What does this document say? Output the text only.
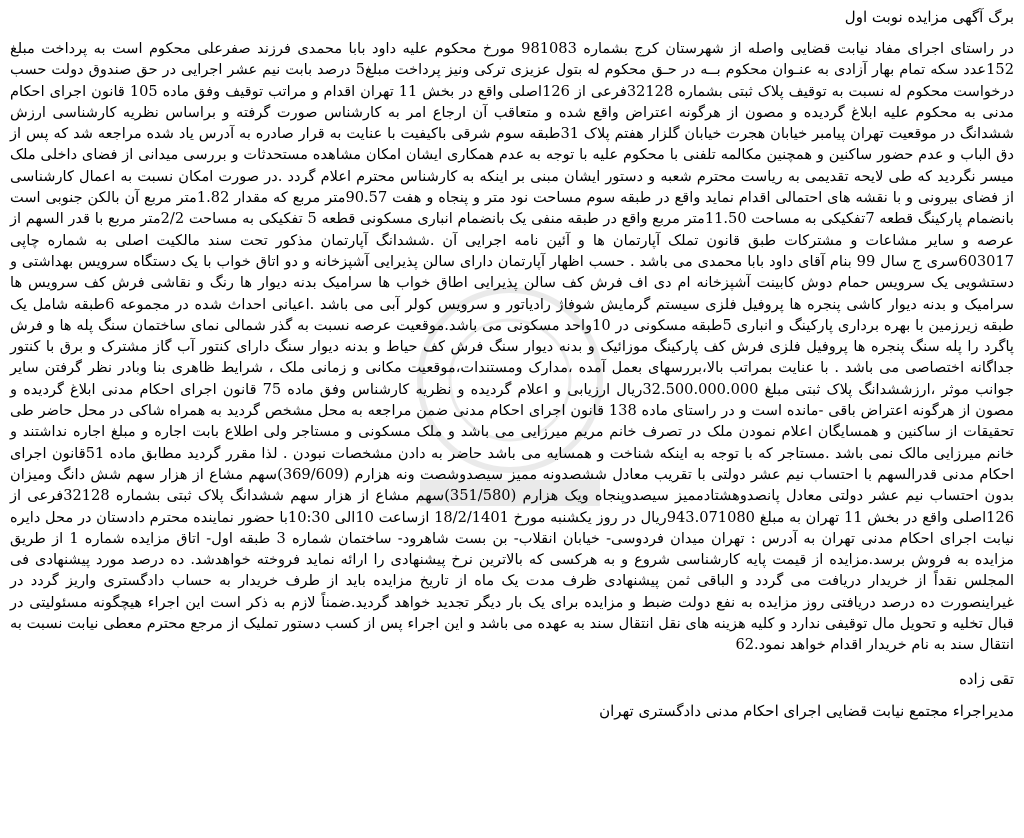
برگ آگهی مزایده نوبت اول

در راستای اجرای مفاد نیابت قضایی واصله از شهرستان کرج بشماره 981083 مورخ محکوم علیه داود بابا محمدی فرزند صفرعلی محکوم است به پرداخت مبلغ 152عدد سکه تمام بهار آزادی به عنـوان محکوم بــه در حـق محکوم له بتول عزیزی ترکی ونیز پرداخت مبلغ5 درصد بابت نیم عشر اجرایی در حق صندوق دولت حسب درخواست محکوم له نسبت به توقیف پلاک ثبتی بشماره 32128فرعی از 126اصلی واقع در بخش 11 تهران اقدام و مراتب توقیف وفق ماده 105 قانون اجرای احکام مدنی به محکوم علیه ابلاغ گردیده و مصون از هرگونه اعتراض واقع شده و متعاقب آن ارجاع امر به کارشناس صورت گرفته و براساس نظریه کارشناسی ارزش ششدانگ در موقعیت تهران پیامبر خیابان هجرت خیابان گلزار هفتم پلاک 31طبقه سوم شرقی باکیفیت با عنایت به قرار صادره به آدرس یاد شده مراجعه شد که پس از دق الباب و عدم حضور ساکنین و همچنین مکالمه تلفنی با محکوم علیه با توجه به عدم همکاری ایشان امکان مشاهده مستحدثات و بررسی میدانی از فضای داخلی ملک میسر نگردید که طی لایحه تقدیمی به ریاست محترم شعبه و دستور ایشان مبنی بر اینکه به کارشناس محترم اعلام گردد .در صورت امکان نسبت به اعمال کارشناسی از فضای بیرونی و با نقشه های احتمالی اقدام نماید واقع در طبقه سوم مساحت نود متر و پنجاه و هفت 90.57متر مربع که مقدار 1.82متر مربع آن بالکن جنوبی است بانضمام پارکینگ قطعه 7تفکیکی به مساحت 11.50متر مربع واقع در طبقه منفی یک بانضمام انباری مسکونی قطعه 5 تفکیکی به مساحت 2/2متر مربع با قدر السهم از عرصه و سایر مشاعات و مشترکات طبق قانون تملک آپارتمان ها و آئین نامه اجرایی آن .ششدانگ آپارتمان مذکور تحت سند مالکیت اصلی به شماره چاپی 603017سری ج سال 99 بنام آقای داود بابا محمدی می باشد . حسب اظهار آپارتمان دارای سالن پذیرایی آشپزخانه و دو اتاق خواب با یک دستگاه سرویس بهداشتی و دستشویی یک سرویس حمام دوش کابینت آشپزخانه ام دی اف فرش کف سالن پذیرایی اطاق خواب ها سرامیک بدنه دیوار ها رنگ و نقاشی فرش کف سرویس ها سرامیک و بدنه دیوار کاشی پنجره ها پروفیل فلزی سیستم گرمایش شوفاژ رادیاتور و سرویس کولر آبی می باشد .اعیانی احداث شده در مجموعه 6طبقه شامل یک طبقه زیرزمین با بهره برداری پارکینگ و انباری 5طبقه مسکونی در 10واحد مسکونی می باشد.موقعیت عرصه نسبت به گذر شمالی نمای ساختمان سنگ پله ها و فرش پاگرد را پله سنگ پنجره ها پروفیل فلزی فرش کف پارکینگ موزائیک و بدنه دیوار سنگ فرش کف حیاط و بدنه دیوار سنگ دارای کنتور آب گاز مشترک و برق با کنتور جداگانه اختصاصی می باشد . با عنایت بمراتب بالا،بررسهای بعمل آمده ،مدارک ومستندات،موقعیت مکانی و زمانی ملک ، شرایط ظاهری بنا وبادر نظر گرفتن سایر جوانب موثر ،ارزششدانگ پلاک ثبتی مبلغ 32.500.000.000ریال ارزیابی و اعلام گردیده و نظریه کارشناس وفق ماده 75 قانون اجرای احکام مدنی ابلاغ گردیده و مصون از هرگونه اعتراض باقی -مانده است و در راستای ماده 138 قانون اجرای احکام مدنی ضمن مراجعه به محل مشخص گردید به همراه شاکی در محل حاضر طی تحقیقات از ساکنین و همسایگان اعلام نمودن ملک در تصرف خانم مریم میرزایی می باشد و ملک مسکونی و مستاجر ولی اطلاع بابت اجاره و مبلغ اجاره نداشتند و خانم میرزایی مالک نمی باشد .مستاجر که با توجه به اینکه شناخت و همسایه می باشد حاضر به دادن مشخصات نبودن . لذا مقرر گردید مطابق ماده 51قانون اجرای احکام مدنی قدرالسهم با احتساب نیم عشر دولتی با تقریب معادل ششصدونه ممیز سیصدوشصت ونه هزارم (369/609)سهم مشاع از هزار سهم شش دانگ ومیزان بدون احتساب نیم عشر دولتی معادل پانصدوهشتادممیز سیصدوپنجاه ویک هزارم (351/580)سهم مشاع از هزار سهم ششدانگ پلاک ثبتی بشماره 32128فرعی از 126اصلی واقع در بخش 11 تهران به مبلغ 943.071080ریال در روز یکشنبه مورخ 18/2/1401 ازساعت 10الی 10:30با حضور نماینده محترم دادستان در محل دایره نیابت اجرای احکام مدنی تهران به آدرس : تهران میدان فردوسی- خیابان انقلاب- بن بست شاهرود- ساختمان شماره 3 طبقه اول- اتاق مزایده شماره 1 از طریق مزایده به فروش برسد.مزایده از قیمت پایه کارشناسی شروع و به هرکسی که بالاترین نرخ پیشنهادی را ارائه نماید فروخته خواهدشد. ده درصد مورد پیشنهادی فی المجلس نقداً از خریدار دریافت می گردد و الباقی ثمن پیشنهادی ظرف مدت یک ماه از تاریخ مزایده باید از طرف خریدار به حساب دادگستری واریز گردد در غیراینصورت ده درصد دریافتی روز مزایده به نفع دولت ضبط و مزایده برای یک بار دیگر تجدید خواهد گردید.ضمناً لازم به ذکر است این اجراء هیچگونه مسئولیتی در قبال تخلیه و تحویل مال توقیفی ندارد و کلیه هزینه های نقل انتقال سند به عهده می باشد و این اجراء پس از کسب دستور تملیک از مرجع محترم معطی نیابت نسبت به انتقال سند به نام خریدار اقدام خواهد نمود.62

تقی زاده
مدیراجراء مجتمع نیابت قضایی اجرای احکام مدنی دادگستری تهران
